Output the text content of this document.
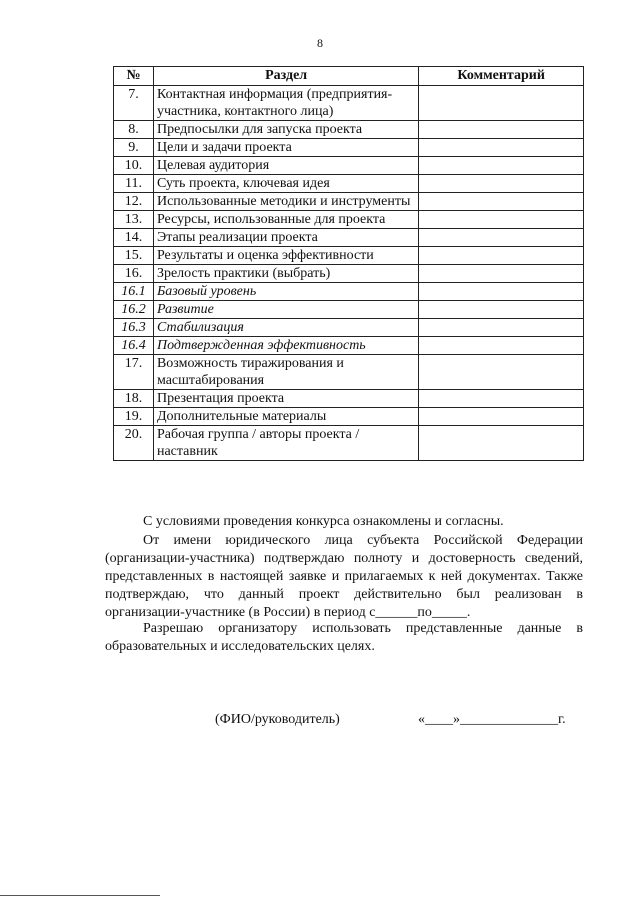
8
№	Раздел	Комментарий
7.	Контактная информация (предприятия-участника, контактного лица)	
8.	Предпосылки для запуска проекта	
9.	Цели и задачи проекта	
10.	Целевая аудитория	
11.	Суть проекта, ключевая идея	
12.	Использованные методики и инструменты	
13.	Ресурсы, использованные для проекта	
14.	Этапы реализации проекта	
15.	Результаты и оценка эффективности	
16.	Зрелость практики (выбрать)	
16.1	Базовый уровень	
16.2	Развитие	
16.3	Стабилизация	
16.4	Подтвержденная эффективность	
17.	Возможность тиражирования и масштабирования	
18.	Презентация проекта	
19.	Дополнительные материалы	
20.	Рабочая группа / авторы проекта / наставник	
С условиями проведения конкурса ознакомлены и согласны.
От имени юридического лица субъекта Российской Федерации (организации-участника) подтверждаю полноту и достоверность сведений, представленных в настоящей заявке и прилагаемых к ней документах. Также подтверждаю, что данный проект действительно был реализован в организации-участнике (в России) в период с______по_____.
Разрешаю организатору использовать представленные данные в образовательных и исследовательских целях.
(ФИО/руководитель)	«____»______________г.
